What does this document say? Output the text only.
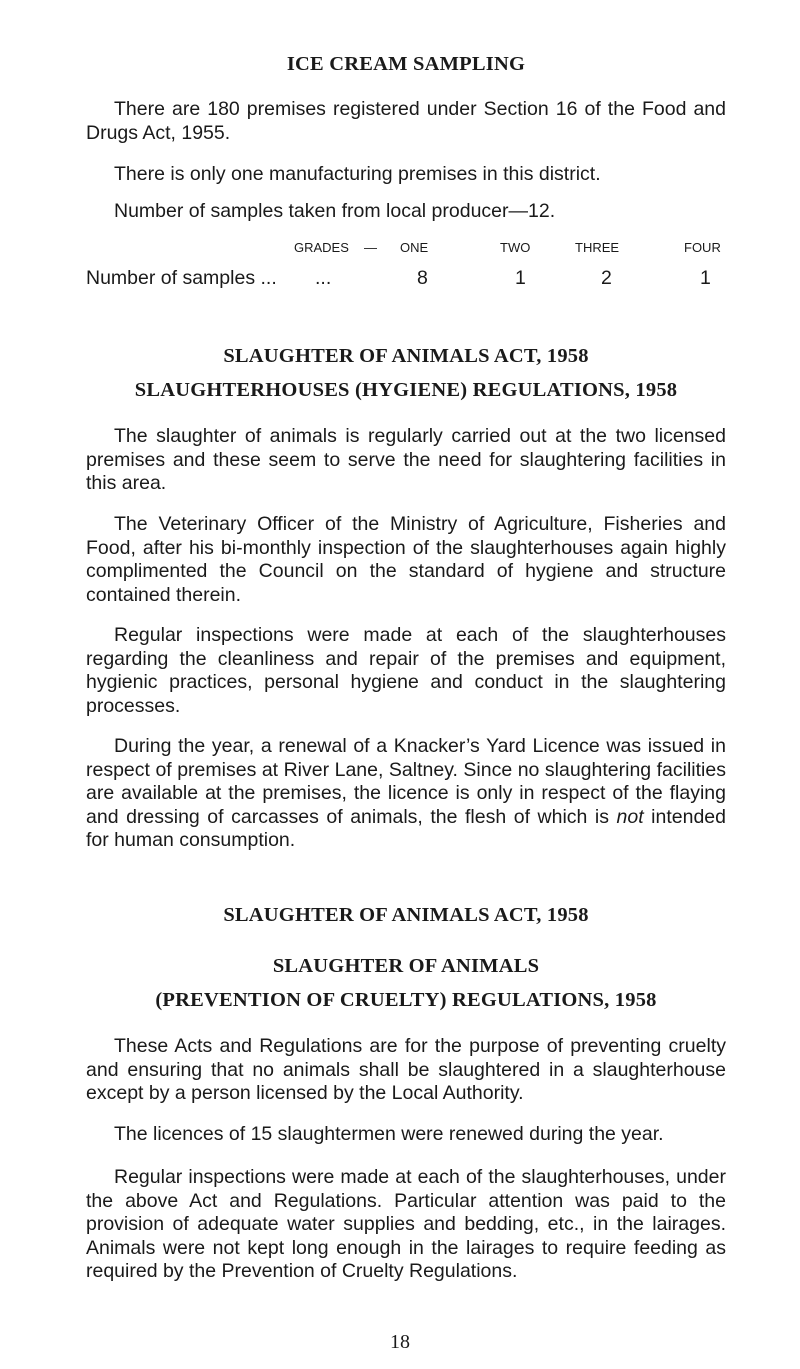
ICE CREAM SAMPLING

There are 180 premises registered under Section 16 of the Food and Drugs Act, 1955.

There is only one manufacturing premises in this district.

Number of samples taken from local producer—12.

GRADES — ONE	TWO	THREE	FOUR
Number of samples ... ...	8	1	2	1
SLAUGHTER OF ANIMALS ACT, 1958
SLAUGHTERHOUSES (HYGIENE) REGULATIONS, 1958

The slaughter of animals is regularly carried out at the two licensed premises and these seem to serve the need for slaughtering facilities in this area.

The Veterinary Officer of the Ministry of Agriculture, Fisheries and Food, after his bi-monthly inspection of the slaughterhouses again highly complimented the Council on the standard of hygiene and structure contained therein.

Regular inspections were made at each of the slaughterhouses regarding the cleanliness and repair of the premises and equipment, hygienic practices, personal hygiene and conduct in the slaughtering processes.

During the year, a renewal of a Knacker’s Yard Licence was issued in respect of premises at River Lane, Saltney. Since no slaughtering facilities are available at the premises, the licence is only in respect of the flaying and dressing of carcasses of animals, the flesh of which is not intended for human consumption.

SLAUGHTER OF ANIMALS ACT, 1958
SLAUGHTER OF ANIMALS
(PREVENTION OF CRUELTY) REGULATIONS, 1958

These Acts and Regulations are for the purpose of preventing cruelty and ensuring that no animals shall be slaughtered in a slaughterhouse except by a person licensed by the Local Authority.

The licences of 15 slaughtermen were renewed during the year.

Regular inspections were made at each of the slaughterhouses, under the above Act and Regulations. Particular attention was paid to the provision of adequate water supplies and bedding, etc., in the lairages. Animals were not kept long enough in the lairages to require feeding as required by the Prevention of Cruelty Regulations.

18
